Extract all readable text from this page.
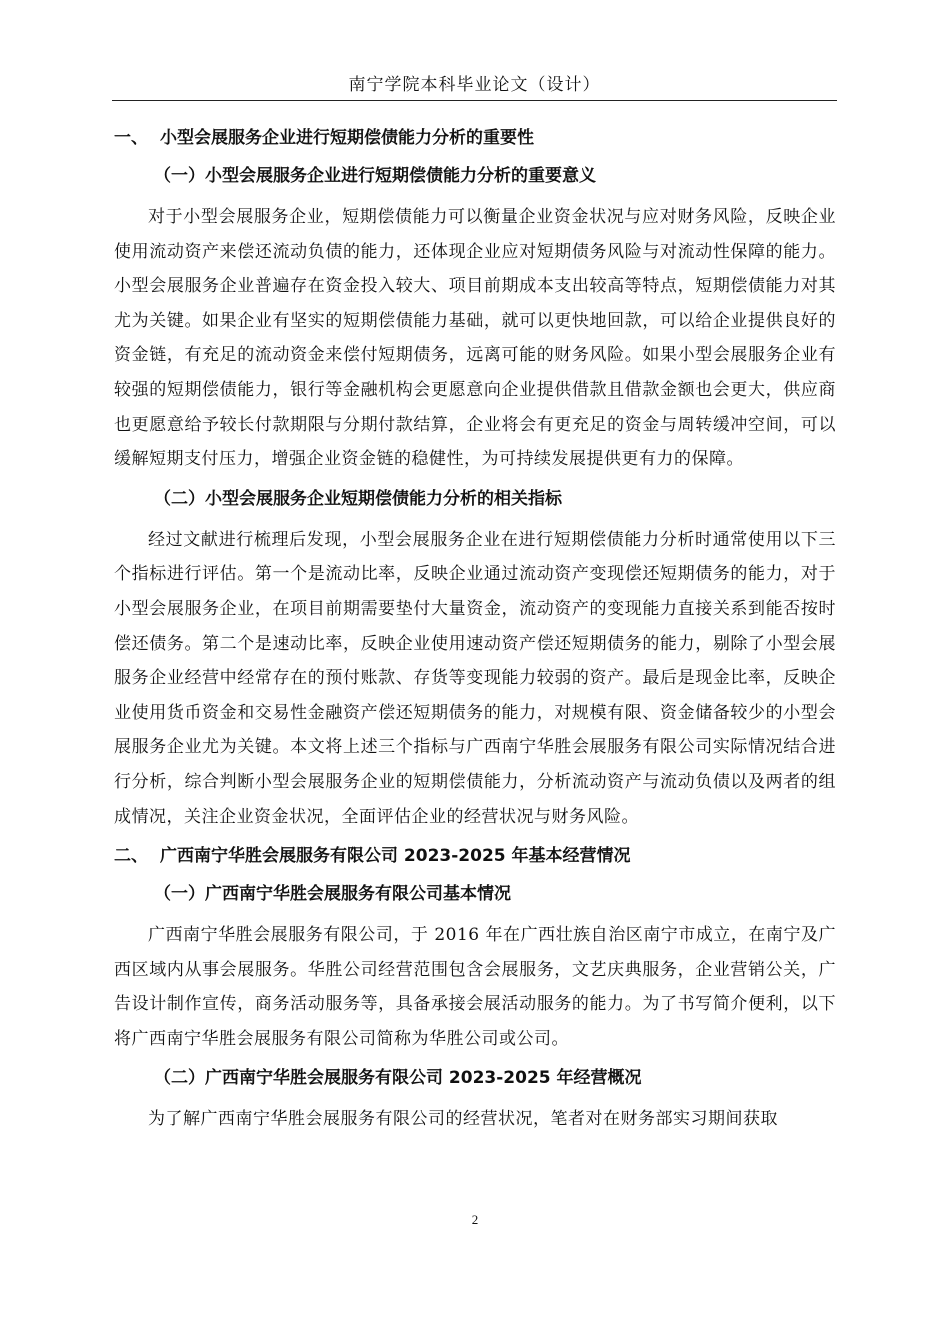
南宁学院本科毕业论文（设计）
一、 小型会展服务企业进行短期偿债能力分析的重要性
（一）小型会展服务企业进行短期偿债能力分析的重要意义

对于小型会展服务企业，短期偿债能力可以衡量企业资金状况与应对财务风险，反映企业使用流动资产来偿还流动负债的能力，还体现企业应对短期债务风险与对流动性保障的能力。小型会展服务企业普遍存在资金投入较大、项目前期成本支出较高等特点，短期偿债能力对其尤为关键。如果企业有坚实的短期偿债能力基础，就可以更快地回款，可以给企业提供良好的资金链，有充足的流动资金来偿付短期债务，远离可能的财务风险。如果小型会展服务企业有较强的短期偿债能力，银行等金融机构会更愿意向企业提供借款且借款金额也会更大，供应商也更愿意给予较长付款期限与分期付款结算，企业将会有更充足的资金与周转缓冲空间，可以缓解短期支付压力，增强企业资金链的稳健性，为可持续发展提供更有力的保障。

（二）小型会展服务企业短期偿债能力分析的相关指标

经过文献进行梳理后发现，小型会展服务企业在进行短期偿债能力分析时通常使用以下三个指标进行评估。第一个是流动比率，反映企业通过流动资产变现偿还短期债务的能力，对于小型会展服务企业，在项目前期需要垫付大量资金，流动资产的变现能力直接关系到能否按时偿还债务。第二个是速动比率，反映企业使用速动资产偿还短期债务的能力，剔除了小型会展服务企业经营中经常存在的预付账款、存货等变现能力较弱的资产。最后是现金比率，反映企业使用货币资金和交易性金融资产偿还短期债务的能力，对规模有限、资金储备较少的小型会展服务企业尤为关键。本文将上述三个指标与广西南宁华胜会展服务有限公司实际情况结合进行分析，综合判断小型会展服务企业的短期偿债能力，分析流动资产与流动负债以及两者的组成情况，关注企业资金状况，全面评估企业的经营状况与财务风险。

二、 广西南宁华胜会展服务有限公司 2023-2025 年基本经营情况
（一）广西南宁华胜会展服务有限公司基本情况

广西南宁华胜会展服务有限公司，于 2016 年在广西壮族自治区南宁市成立，在南宁及广西区域内从事会展服务。华胜公司经营范围包含会展服务，文艺庆典服务，企业营销公关，广告设计制作宣传，商务活动服务等，具备承接会展活动服务的能力。为了书写简介便利，以下将广西南宁华胜会展服务有限公司简称为华胜公司或公司。

（二）广西南宁华胜会展服务有限公司 2023-2025 年经营概况

为了解广西南宁华胜会展服务有限公司的经营状况，笔者对在财务部实习期间获取

2
